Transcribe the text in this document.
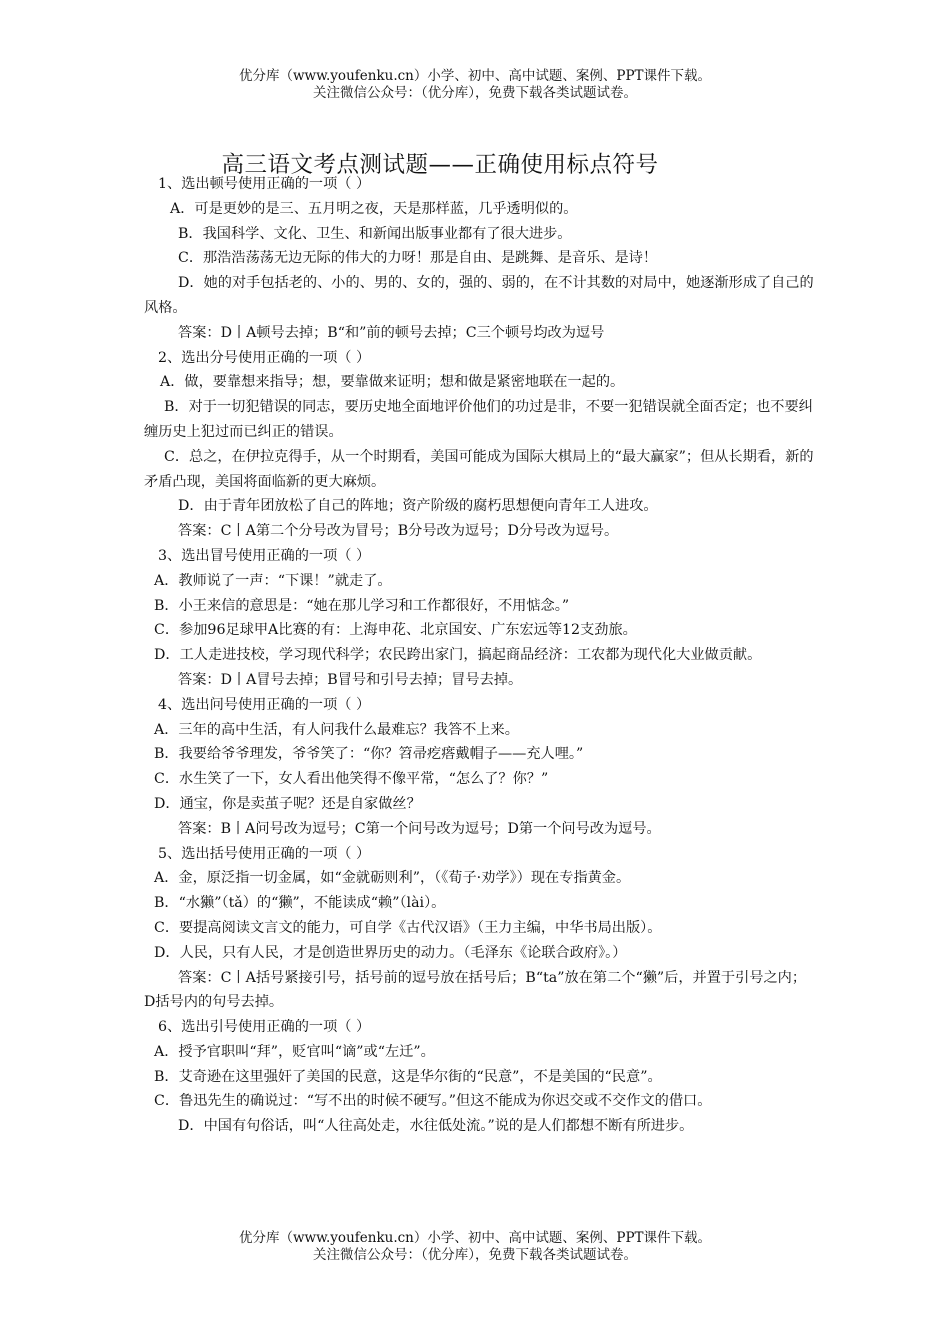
优分库（www.youfenku.cn）小学、初中、高中试题、案例、PPT课件下载。
关注微信公众号：（优分库），免费下载各类试题试卷。
高三语文考点测试题——正确使用标点符号
1、选出顿号使用正确的一项（ ）
A．可是更妙的是三、五月明之夜，天是那样蓝，几乎透明似的。
B．我国科学、文化、卫生、和新闻出版事业都有了很大进步。
C．那浩浩荡荡无边无际的伟大的力呀！那是自由、是跳舞、是音乐、是诗！
D．她的对手包括老的、小的、男的、女的，强的、弱的，在不计其数的对局中，她逐渐形成了自己的风格。
答案：D丨A顿号去掉；B“和”前的顿号去掉；C三个顿号均改为逗号
2、选出分号使用正确的一项（ ）
A．做，要靠想来指导；想，要靠做来证明；想和做是紧密地联在一起的。
B．对于一切犯错误的同志，要历史地全面地评价他们的功过是非，不要一犯错误就全面否定；也不要纠缠历史上犯过而已纠正的错误。
C．总之，在伊拉克得手，从一个时期看，美国可能成为国际大棋局上的“最大赢家”；但从长期看，新的矛盾凸现，美国将面临新的更大麻烦。
D．由于青年团放松了自己的阵地；资产阶级的腐朽思想便向青年工人进攻。
答案：C丨A第二个分号改为冒号；B分号改为逗号；D分号改为逗号。
3、选出冒号使用正确的一项（ ）
A．教师说了一声：“下课！”就走了。
B．小王来信的意思是：“她在那儿学习和工作都很好，不用惦念。”
C．参加96足球甲A比赛的有：上海申花、北京国安、广东宏远等12支劲旅。
D．工人走进技校，学习现代科学；农民跨出家门，搞起商品经济：工农都为现代化大业做贡献。
答案：D丨A冒号去掉；B冒号和引号去掉；冒号去掉。
4、选出问号使用正确的一项（ ）
A．三年的高中生活，有人问我什么最难忘？我答不上来。
B．我要给爷爷理发，爷爷笑了：“你？笤帚疙瘩戴帽子——充人哩。”
C．水生笑了一下，女人看出他笑得不像平常，“怎么了？你？”
D．通宝，你是卖茧子呢？还是自家做丝？
答案：B丨A问号改为逗号；C第一个问号改为逗号；D第一个问号改为逗号。
5、选出括号使用正确的一项（ ）
A．金，原泛指一切金属，如“金就砺则利”，（《荀子·劝学》）现在专指黄金。
B．“水獭”（tǎ）的“獭”，不能读成“赖”（lài）。
C．要提高阅读文言文的能力，可自学《古代汉语》（王力主编，中华书局出版）。
D．人民，只有人民，才是创造世界历史的动力。（毛泽东《论联合政府》。）
答案：C丨A括号紧接引号，括号前的逗号放在括号后；B“ta”放在第二个“獭”后，并置于引号之内；D括号内的句号去掉。
6、选出引号使用正确的一项（ ）
A．授予官职叫“拜”，贬官叫“谪”或“左迁”。
B．艾奇逊在这里强奸了美国的民意，这是华尔街的“民意”，不是美国的“民意”。
C．鲁迅先生的确说过：“写不出的时候不硬写。”但这不能成为你迟交或不交作文的借口。
D．中国有句俗话，叫“人往高处走，水往低处流。”说的是人们都想不断有所进步。
优分库（www.youfenku.cn）小学、初中、高中试题、案例、PPT课件下载。
关注微信公众号：（优分库），免费下载各类试题试卷。
